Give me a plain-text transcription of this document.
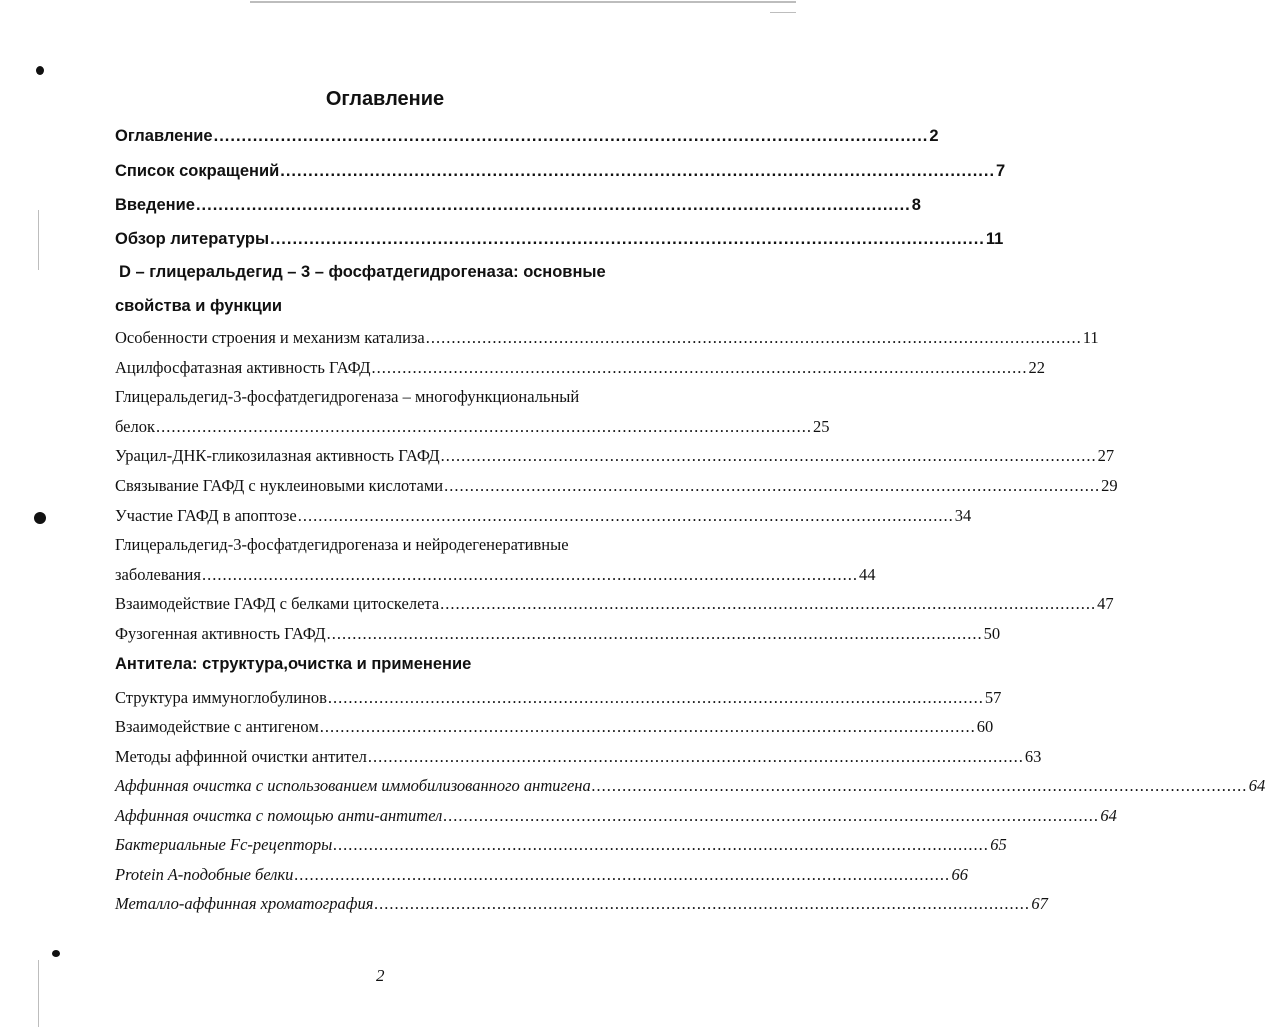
Оглавление
Оглавление ................................................................................................................................ 2
Список сокращений ................................................................................................................................ 7
Введение ................................................................................................................................ 8
Обзор литературы ................................................................................................................................ 11
D – глицеральдегид – 3 – фосфатдегидрогеназа: основные
свойства и функции
Особенности строения и механизм катализа ................................................................................................................................ 11
Ацилфосфатазная активность ГАФД ................................................................................................................................ 22
Глицеральдегид-3-фосфатдегидрогеназа – многофункциональный
белок ................................................................................................................................ 25
Урацил-ДНК-гликозилазная активность ГАФД ................................................................................................................................ 27
Связывание ГАФД с нуклеиновыми кислотами ................................................................................................................................ 29
Участие ГАФД в апоптозе ................................................................................................................................ 34
Глицеральдегид-3-фосфатдегидрогеназа и нейродегенеративные
заболевания ................................................................................................................................ 44
Взаимодействие ГАФД с белками цитоскелета ................................................................................................................................ 47
Фузогенная активность ГАФД ................................................................................................................................ 50
Антитела: структура,очистка и применение
Структура иммуноглобулинов ................................................................................................................................ 57
Взаимодействие с антигеном ................................................................................................................................ 60
Методы аффинной очистки антител ................................................................................................................................ 63
Аффинная очистка с использованием иммобилизованного антигена ................................................................................................................................ 64
Аффинная очистка с помощью анти-антител ................................................................................................................................ 64
Бактериальные Fc-рецепторы ................................................................................................................................ 65
Protein A-подобные белки ................................................................................................................................ 66
Металло-аффинная хроматография ................................................................................................................................ 67
2
